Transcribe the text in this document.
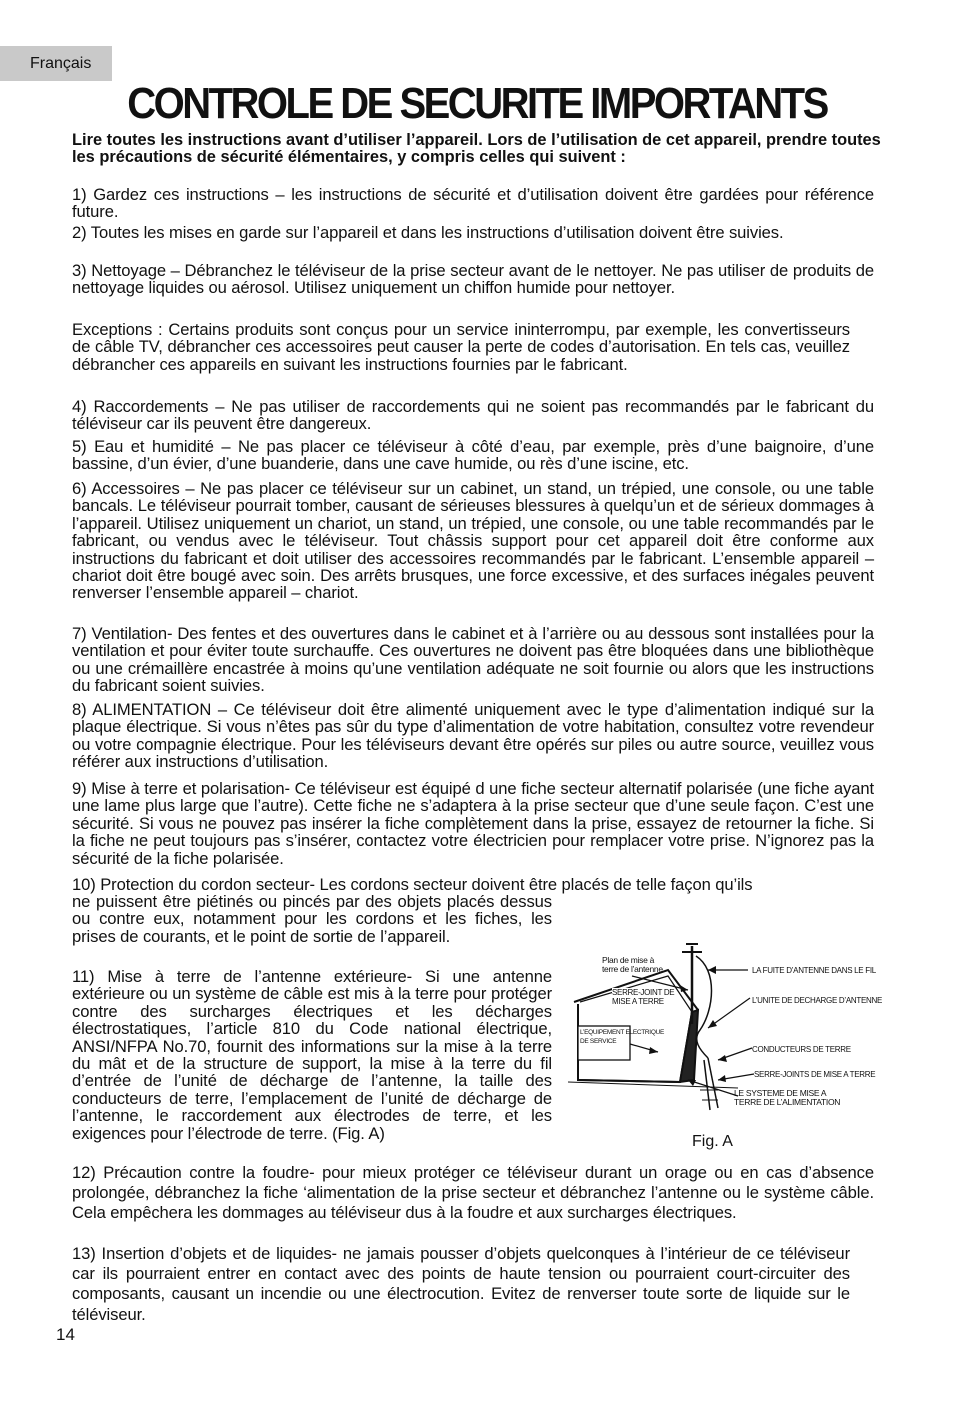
Français
CONTROLE DE SECURITE IMPORTANTS

Lire toutes les instructions avant d’utiliser l’appareil. Lors de l’utilisation de cet appareil, prendre toutes les précautions de sécurité élémentaires, y compris celles qui suivent :

1) Gardez ces instructions – les instructions de sécurité et d’utilisation doivent être gardées pour référence future.

2) Toutes les mises en garde sur l’appareil et dans les instructions d’utilisation doivent être suivies.

3) Nettoyage – Débranchez le téléviseur de la prise secteur avant de le nettoyer. Ne pas utiliser de produits de nettoyage liquides ou aérosol. Utilisez uniquement un chiffon humide pour nettoyer.

Exceptions : Certains produits sont conçus pour un service ininterrompu, par exemple, les convertisseurs de câble TV, débrancher ces accessoires peut causer la perte de codes d’autorisation. En tels cas, veuillez débrancher ces appareils en suivant les instructions fournies par le fabricant.

4) Raccordements – Ne pas utiliser de raccordements qui ne soient pas recommandés par le fabricant du téléviseur car ils peuvent être dangereux.

5) Eau et humidité – Ne pas placer ce téléviseur à côté d’eau, par exemple, près d’une baignoire, d’une bassine, d’un évier, d’une buanderie, dans une cave humide, ou rès d’une iscine, etc.

6) Accessoires – Ne pas placer ce téléviseur sur un cabinet, un stand, un trépied, une console, ou une table bancals. Le téléviseur pourrait tomber, causant de sérieuses blessures à quelqu’un et de sérieux dommages à l’appareil. Utilisez uniquement un chariot, un stand, un trépied, une console, ou une table recommandés par le fabricant, ou vendus avec le téléviseur. Tout châssis support pour cet appareil doit être conforme aux instructions du fabricant et doit utiliser des accessoires recommandés par le fabricant. L’ensemble appareil – chariot doit être bougé avec soin. Des arrêts brusques, une force excessive, et des surfaces inégales peuvent renverser l’ensemble appareil – chariot.

7) Ventilation- Des fentes et des ouvertures dans le cabinet et à l’arrière ou au dessous sont installées pour la ventilation et pour éviter toute surchauffe. Ces ouvertures ne doivent pas être bloquées dans une bibliothèque ou une crémaillère encastrée à moins qu’une ventilation adéquate ne soit fournie ou alors que les instructions du fabricant soient suivies.

8) ALIMENTATION – Ce téléviseur doit être alimenté uniquement avec le type d’alimentation indiqué sur la plaque électrique. Si vous n’êtes pas sûr du type d’alimentation de votre habitation, consultez votre revendeur ou votre compagnie électrique. Pour les téléviseurs devant être opérés sur piles ou autre source, veuillez vous référer aux instructions d’utilisation.

9) Mise à terre et polarisation- Ce téléviseur est équipé d une fiche secteur alternatif polarisée (une fiche ayant une lame plus large que l’autre). Cette fiche ne s’adaptera à la prise secteur que d’une seule façon. C’est une sécurité. Si vous ne pouvez pas insérer la fiche complètement dans la prise, essayez de retourner la fiche. Si la fiche ne peut toujours pas s’insérer, contactez votre électricien pour remplacer votre prise. N’ignorez pas la sécurité de la fiche polarisée.

10) Protection du cordon secteur- Les cordons secteur doivent être placés de telle façon qu’ils

ne puissent être piétinés ou pincés par des objets placés dessus ou contre eux, notamment pour les cordons et les fiches, les prises de courants, et le point de sortie de l’appareil.

11) Mise à terre de l’antenne extérieure- Si une antenne extérieure ou un système de câble est mis à la terre pour protéger contre des surcharges électriques et les décharges électrostatiques, l’article 810 du Code national électrique, ANSI/NFPA No.70, fournit des informations sur la mise à la terre du mât et de la structure de support, la mise à la terre du fil d’entrée de l’unité de décharge de l’antenne, la taille des conducteurs de terre, l’emplacement de l’unité de décharge de l’antenne, le raccordement aux électrodes de terre, et les exigences pour l’électrode de terre. (Fig. A)

Plan de mise à
terre de l’antenne	LA FUITE D’ANTENNE DANS LE FIL
SERRE-JOINT DE
MISE A TERRE	L’UNITE DE DECHARGE D’ANTENNE
L’EQUIPEMENT ELECTRIQUE
DE SERVICE
CONDUCTEURS DE TERRE
SERRE-JOINTS DE MISE A TERRE
LE SYSTEME DE MISE A
TERRE DE L’ALIMENTATION
Fig. A

12) Précaution contre la foudre- pour mieux protéger ce téléviseur durant un orage ou en cas d’absence prolongée, débranchez la fiche ‘alimentation de la prise secteur et débranchez l’antenne ou le système câble. Cela empêchera les dommages au téléviseur dus à la foudre et aux surcharges électriques.

13) Insertion d’objets et de liquides- ne jamais pousser d’objets quelconques à l’intérieur de ce téléviseur car ils pourraient entrer en contact avec des points de haute tension ou pourraient court-circuiter des composants, causant un incendie ou une électrocution. Evitez de renverser toute sorte de liquide sur le téléviseur.

14
